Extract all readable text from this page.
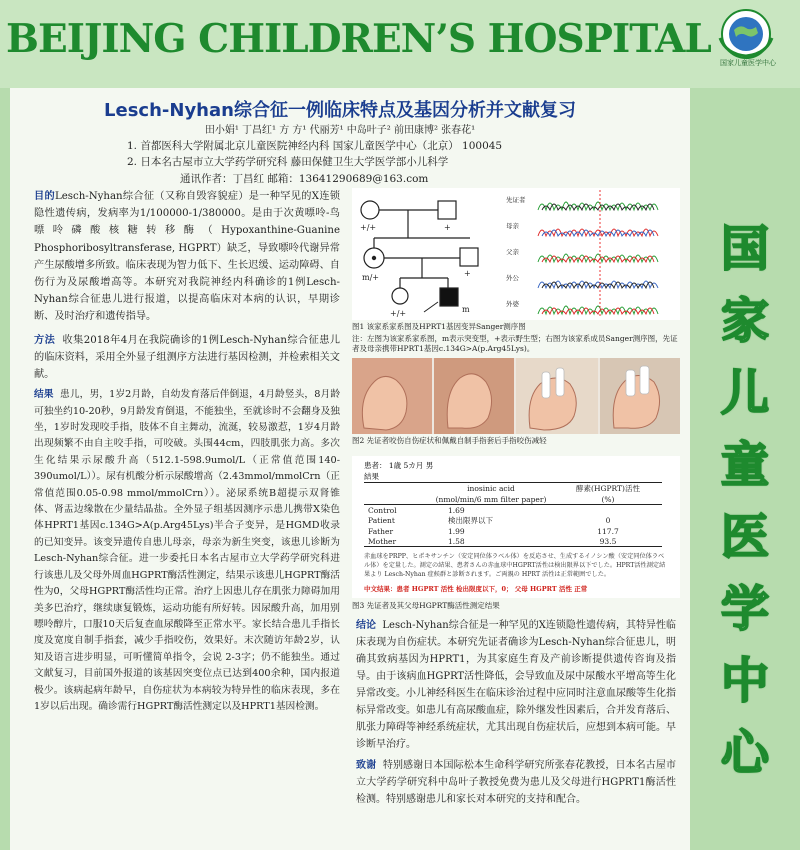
BEIJING CHILDREN’S HOSPITAL
国家儿童医学中心
Lesch-Nyhan综合征一例临床特点及基因分析并文献复习
田小娟¹ 丁昌红¹ 方 方¹ 代丽芳¹ 中岛叶子² 前田康博² 张春花¹
1. 首都医科大学附属北京儿童医院神经内科 国家儿童医学中心（北京） 100045
2. 日本名古屋市立大学药学研究科 藤田保健卫生大学医学部小儿科学
通讯作者：丁昌红 邮箱：13641290689@163.com

目的Lesch-Nyhan综合征（又称自毁容貌症）是一种罕见的X连锁隐性遗传病，发病率为1/100000-1/380000。是由于次黄嘌呤-鸟嘌呤磷酸核糖转移酶（Hypoxanthine-Guanine Phosphoribosyltransferase, HGPRT）缺乏，导致嘌呤代谢异常产生尿酸增多所致。临床表现为智力低下、生长迟缓、运动障碍、自伤行为及尿酸增高等。本研究对我院神经内科确诊的1例Lesch-Nyhan综合征患儿进行报道，以提高临床对本病的认识，早期诊断、及时治疗和遗传指导。

方法 收集2018年4月在我院确诊的1例Lesch-Nyhan综合征患儿的临床资料，采用全外显子组测序方法进行基因检测，并检索相关文献。

结果 患儿，男，1岁2月龄，自幼发育落后伴倒退，4月龄竖头，8月龄可独坐约10-20秒，9月龄发育倒退，不能独坐，至就诊时不会翻身及独坐，1岁时发现咬手指，肢体不自主舞动，流涎，较易激惹，1岁4月龄出现频繁不由自主咬手指，可咬破。头围44cm，四肢肌张力高。多次生化结果示尿酸升高（512.1-598.9umol/L（正常值范围140-390umol/L））。尿有机酸分析示尿酸增高（2.43mmol/mmolCrn（正常值范围0.05-0.98 mmol/mmolCrn））。泌尿系统B超提示双肾锥体、肾盂边缘散在少量结晶盐。全外显子组基因测序示患儿携带X染色体HPRT1基因c.134G>A(p.Arg45Lys)半合子变异，是HGMD收录的已知变异。该变异遗传自患儿母亲，母亲为新生突变，该患儿诊断为Lesch-Nyhan综合征。进一步委托日本名古屋市立大学药学研究科进行该患儿及父母外周血HGPRT酶活性测定，结果示该患儿HGPRT酶活性为0，父母HGPRT酶活性均正常。治疗上因患儿存在肌张力障碍加用美多巴治疗，继续康复锻炼，运动功能有所好转。因尿酸升高，加用别嘌呤醇片，口服10天后复查血尿酸降至正常水平。家长结合患儿手指长度及宽度自制手指套，减少手指咬伤，效果好。末次随访年龄2岁，认知及语言进步明显，可听懂简单指令，会说 2-3字；仍不能独坐。通过文献复习，目前国外报道的该基因突变位点已达到400余种，国内报道极少。该病起病年龄早，自伤症状为本病较为特异性的临床表现，多在1岁以后出现。确诊需行HGPRT酶活性测定以及HPRT1基因检测。

+/+	+
m/+	+
+/+	m
先证者
母亲
父亲
外公
外婆
图1 该家系家系图及HPRT1基因变异Sanger测序图
注：左图为该家系家系图，m表示突变型，+表示野生型；右图为该家系成员Sanger测序图，先证者及母亲携带HPRT1基因c.134G>A(p.Arg45Lys)。
图2 先证者咬伤自伤症状和佩戴自制手指套后手指咬伤减轻
患者： 1歳 5カ月 男
結果
	inosinic acid	酵素(HGPRT)活性
	(nmol/min/6 mm filter paper)	(%)
Control	1.69	
Patient	検出限界以下	0
Father	1.99	117.7
Mother	1.58	93.5
赤血球をPRPP、ヒポキサンチン（安定同位体ラベル体）を反応させ、生成するイノシン酸（安定同位体ラベル体）を定量した。測定の結果、患者さんの赤血球中HGPRT活性は検出限界以下でした。HPRT活性測定結果より Lesch-Nyhan 症候群と診断されます。ご両親の HPRT 活性は正常範囲でした。
中文结果：患者 HGPRT 活性 检出限度以下，0； 父母 HGPRT 活性 正常
图3 先证者及其父母HGPRT酶活性测定结果

结论 Lesch-Nyhan综合征是一种罕见的X连锁隐性遗传病，其特异性临床表现为自伤症状。本研究先证者确诊为Lesch-Nyhan综合征患儿，明确其致病基因为HPRT1，为其家庭生育及产前诊断提供遗传咨询及指导。由于该病血HGPRT活性降低，会导致血及尿中尿酸水平增高等生化异常改变。小儿神经科医生在临床诊治过程中应同时注意血尿酸等生化指标异常改变。如患儿有高尿酸血症，除外继发性因素后，合并发育落后、肌张力障碍等神经系统症状，尤其出现自伤症状后，应想到本病可能。早诊断早治疗。

致谢 特别感谢日本国际松本生命科学研究所张春花教授，日本名古屋市立大学药学研究科中岛叶子教授免费为患儿及父母进行HGPRT1酶活性检测。特别感谢患儿和家长对本研究的支持和配合。

国
家
儿
童
医
学
中
心
